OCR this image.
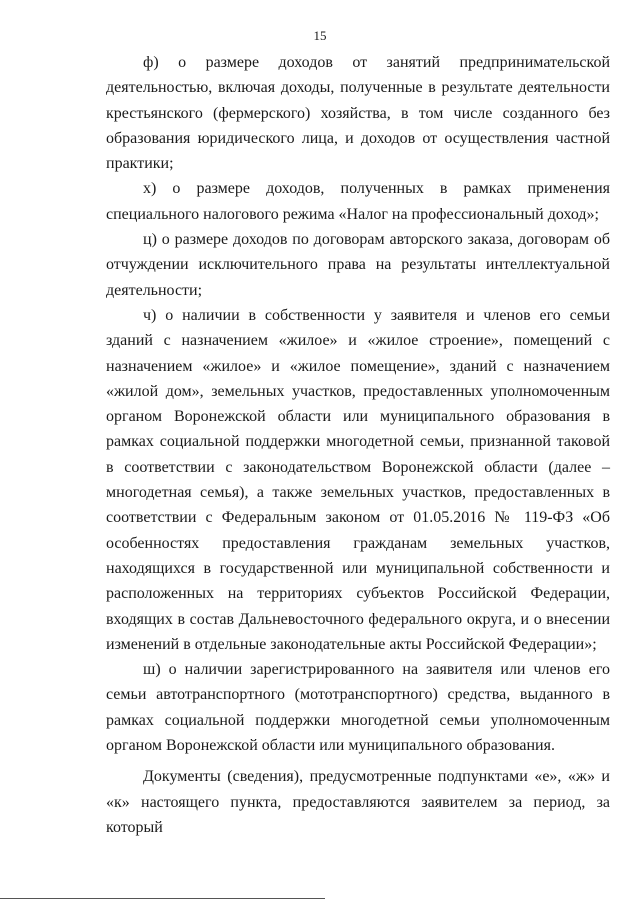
15

ф) о размере доходов от занятий предпринимательской деятельностью, включая доходы, полученные в результате деятельности крестьянского (фермерского) хозяйства, в том числе созданного без образования юридического лица, и доходов от осуществления частной практики;

х) о размере доходов, полученных в рамках применения специального налогового режима «Налог на профессиональный доход»;

ц) о размере доходов по договорам авторского заказа, договорам об отчуждении исключительного права на результаты интеллектуальной деятельности;

ч) о наличии в собственности у заявителя и членов его семьи зданий с назначением «жилое» и «жилое строение», помещений с назначением «жилое» и «жилое помещение», зданий с назначением «жилой дом», земельных участков, предоставленных уполномоченным органом Воронежской области или муниципального образования в рамках социальной поддержки многодетной семьи, признанной таковой в соответствии с законодательством Воронежской области (далее – многодетная семья), а также земельных участков, предоставленных в соответствии с Федеральным законом от 01.05.2016 № 119-ФЗ «Об особенностях предоставления гражданам земельных участков, находящихся в государственной или муниципальной собственности и расположенных на территориях субъектов Российской Федерации, входящих в состав Дальневосточного федерального округа, и о внесении изменений в отдельные законодательные акты Российской Федерации»;

ш) о наличии зарегистрированного на заявителя или членов его семьи автотранспортного (мототранспортного) средства, выданного в рамках социальной поддержки многодетной семьи уполномоченным органом Воронежской области или муниципального образования.

Документы (сведения), предусмотренные подпунктами «е», «ж» и «к» настоящего пункта, предоставляются заявителем за период, за который
